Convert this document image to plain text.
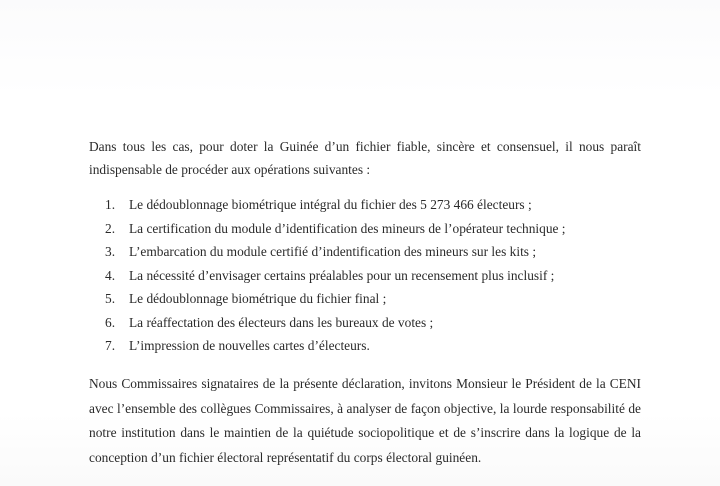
Dans tous les cas, pour doter la Guinée d’un fichier fiable, sincère et consensuel, il nous paraît indispensable de procéder aux opérations suivantes :

1.	Le dédoublonnage biométrique intégral du fichier des 5 273 466 électeurs ;
2.	La certification du module d’identification des mineurs de l’opérateur technique ;
3.	L’embarcation du module certifié d’indentification des mineurs sur les kits ;
4.	La nécessité d’envisager certains préalables pour un recensement plus inclusif ;
5.	Le dédoublonnage biométrique du fichier final ;
6.	La réaffectation des électeurs dans les bureaux de votes ;
7.	L’impression de nouvelles cartes d’électeurs.

Nous Commissaires signataires de la présente déclaration, invitons Monsieur le Président de la CENI avec l’ensemble des collègues Commissaires, à analyser de façon objective, la lourde responsabilité de notre institution dans le maintien de la quiétude sociopolitique et de s’inscrire dans la logique de la conception d’un fichier électoral représentatif du corps électoral guinéen.
